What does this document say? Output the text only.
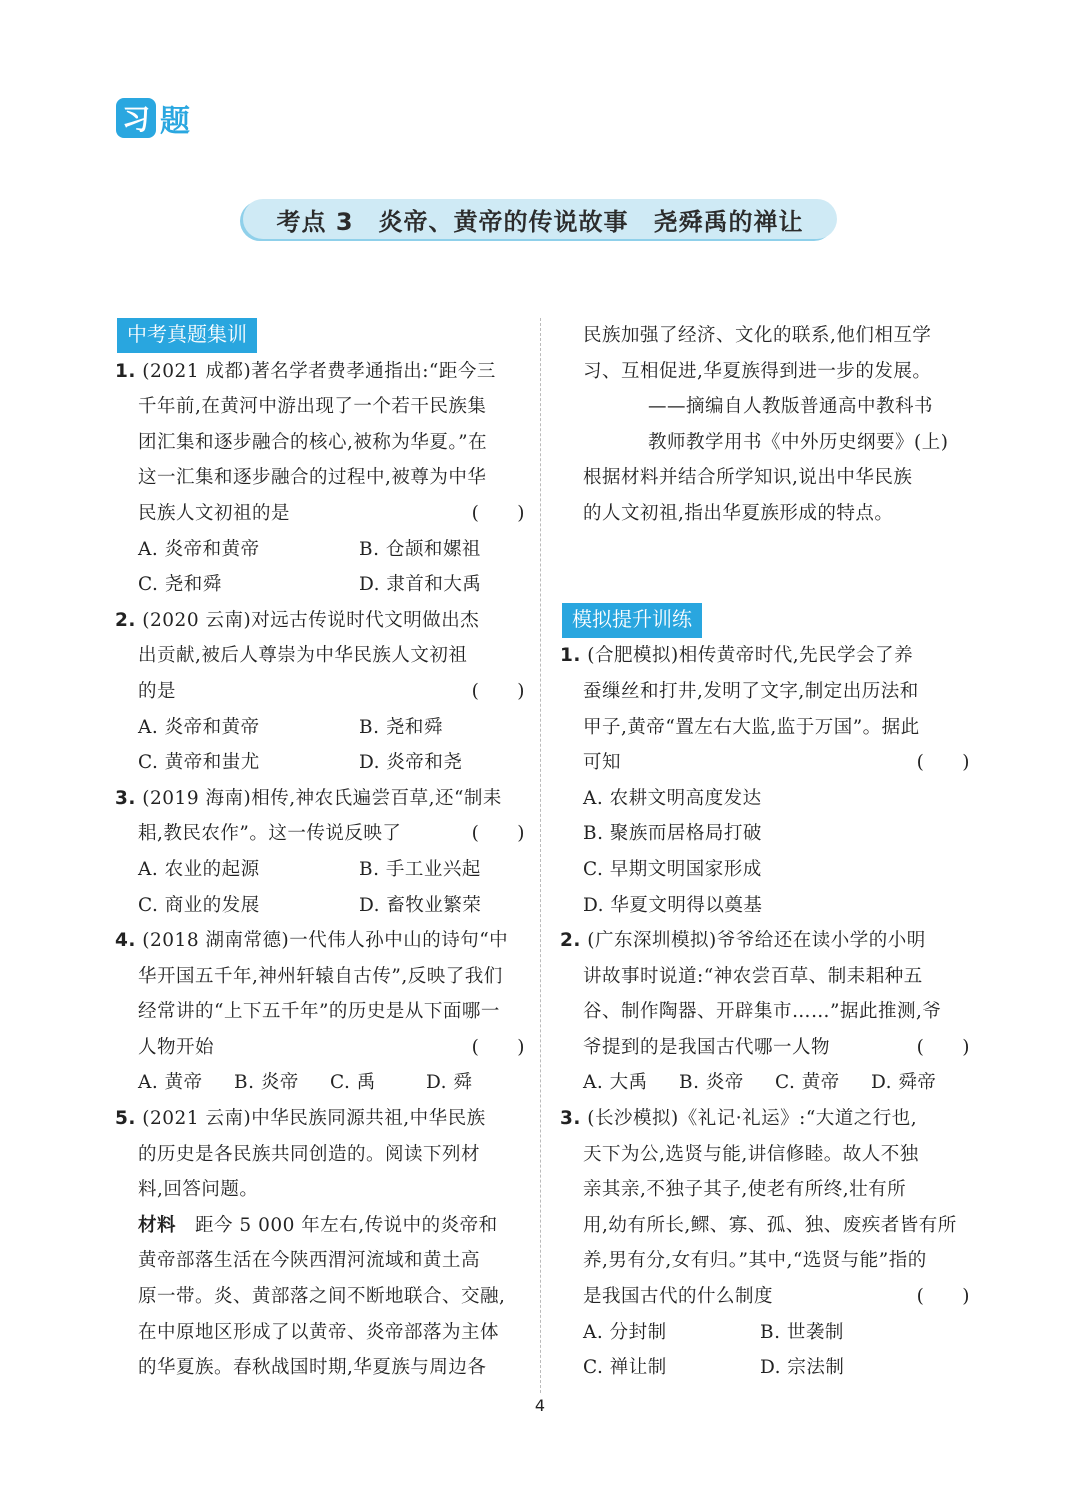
习 题
考点 3　炎帝、黄帝的传说故事　尧舜禹的禅让
中考真题集训
1. (2021 成都)著名学者费孝通指出:“距今三
千年前,在黄河中游出现了一个若干民族集
团汇集和逐步融合的核心,被称为华夏。”在
这一汇集和逐步融合的过程中,被尊为中华
民族人文初祖的是	(　　)
A. 炎帝和黄帝	B. 仓颉和嫘祖
C. 尧和舜	D. 隶首和大禹
2. (2020 云南)对远古传说时代文明做出杰
出贡献,被后人尊崇为中华民族人文初祖
的是	(　　)
A. 炎帝和黄帝	B. 尧和舜
C. 黄帝和蚩尤	D. 炎帝和尧
3. (2019 海南)相传,神农氏遍尝百草,还“制耒
耜,教民农作”。这一传说反映了	(　　)
A. 农业的起源	B. 手工业兴起
C. 商业的发展	D. 畜牧业繁荣
4. (2018 湖南常德)一代伟人孙中山的诗句“中
华开国五千年,神州轩辕自古传”,反映了我们
经常讲的“上下五千年”的历史是从下面哪一
人物开始	(　　)
A. 黄帝	B. 炎帝	C. 禹	D. 舜
5. (2021 云南)中华民族同源共祖,中华民族
的历史是各民族共同创造的。阅读下列材
料,回答问题。
材料　 距今 5 000 年左右,传说中的炎帝和
黄帝部落生活在今陕西渭河流域和黄土高
原一带。炎、黄部落之间不断地联合、交融,
在中原地区形成了以黄帝、炎帝部落为主体
的华夏族。春秋战国时期,华夏族与周边各
民族加强了经济、文化的联系,他们相互学
习、互相促进,华夏族得到进一步的发展。
——摘编自人教版普通高中教科书
教师教学用书《中外历史纲要》(上)
根据材料并结合所学知识,说出中华民族
的人文初祖,指出华夏族形成的特点。
模拟提升训练
1. (合肥模拟)相传黄帝时代,先民学会了养
蚕缫丝和打井,发明了文字,制定出历法和
甲子,黄帝“置左右大监,监于万国”。据此
可知	(　　)
A. 农耕文明高度发达
B. 聚族而居格局打破
C. 早期文明国家形成
D. 华夏文明得以奠基
2. (广东深圳模拟)爷爷给还在读小学的小明
讲故事时说道:“神农尝百草、制耒耜种五
谷、制作陶器、开辟集市……”据此推测,爷
爷提到的是我国古代哪一人物	(　　)
A. 大禹	B. 炎帝	C. 黄帝	D. 舜帝
3. (长沙模拟)《礼记·礼运》:“大道之行也,
天下为公,选贤与能,讲信修睦。故人不独
亲其亲,不独子其子,使老有所终,壮有所
用,幼有所长,鳏、寡、孤、独、废疾者皆有所
养,男有分,女有归。”其中,“选贤与能”指的
是我国古代的什么制度	(　　)
A. 分封制	B. 世袭制
C. 禅让制	D. 宗法制
4
